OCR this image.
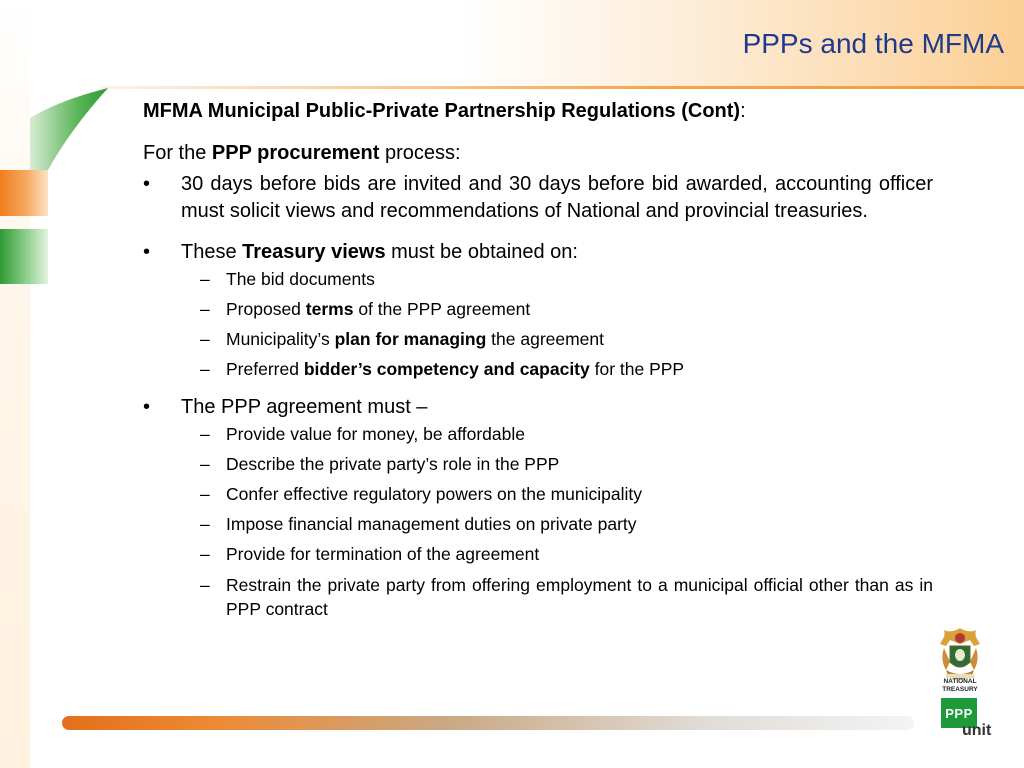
PPPs and the MFMA

MFMA Municipal Public-Private Partnership Regulations (Cont):

For the PPP procurement process:

• 30 days before bids are invited and 30 days before bid awarded, accounting officer must solicit views and recommendations of National and provincial treasuries.
• These Treasury views must be obtained on:
– The bid documents
– Proposed terms of the PPP agreement
– Municipality’s plan for managing the agreement
– Preferred bidder’s competency and capacity for the PPP
• The PPP agreement must –
– Provide value for money, be affordable
– Describe the private party’s role in the PPP
– Confer effective regulatory powers on the municipality
– Impose financial management duties on private party
– Provide for termination of the agreement
– Restrain the private party from offering employment to a municipal official other than as in PPP contract
NATIONAL
TREASURY
PPP
unit
